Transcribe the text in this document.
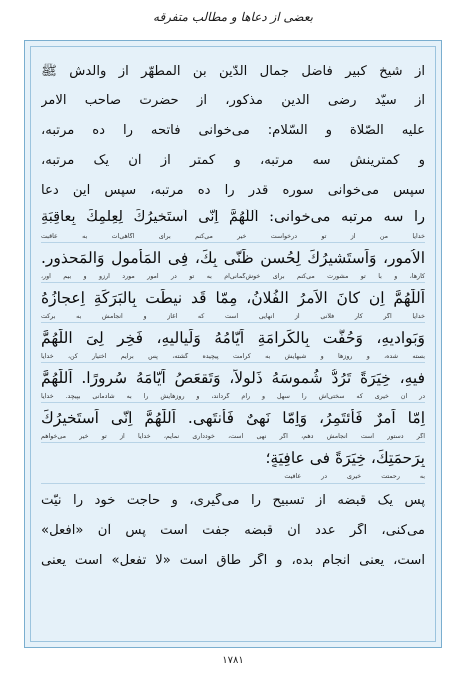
بعضی از دعاها و مطالب متفرقه
از شیخ کبیر فاضل جمال الدّین بن المطهّر از والدش ﷺ
از سیّد رضی الدین مذکور، از حضرت صاحب الامر
علیه الصّلاة و السّلام: می‌خوانی فاتحه را ده مرتبه،
و کمترینش سه مرتبه، و کمتر از آن یک مرتبه،
سپس می‌خوانی سوره قدر را ده مرتبه، سپس این دعا
را سه مرتبه می‌خوانی: اَللّٰهُمَّ اِنّى اَستَخيرُكَ لِعِلمِكَ بِعاقِبَةِ
خدایا من از تو درخواست خیر می‌کنم برای آگاهی‌ات به عاقبت
الاُمورِ، وَاَستَشيرُكَ لِحُسنِ ظَنّى بِكَ، فِى المَأمولِ وَالمَحذورِ.
کارها، و با تو مشورت می‌کنم برای خوش‌گمانی‌ام به تو در امور مورد آرزو و بیم آور،
اَللّٰهُمَّ اِن كانَ الاَمرُ الفُلانُ، مِمّا قَد نيطَت بِالبَرَكَةِ اِعجازُهُ
خدایا اگر کار فلانی از آنهایی است که آغاز و انجامش به برکت
وَبَواديهِ، وَحُفَّت بِالكَرامَةِ اَيّامُهُ وَلَياليهِ، فَخِر لِىَ اللّٰهُمَّ
بسته شده، و روزها و شبهایش به کرامت پیچیده گشته، پس برایم اختیار کن، خدایا
فيهِ، خِيَرَةً تَرُدُّ شُموسَهُ ذَلولاً، وَتَقعَصُ اَيّامَهُ سُرورًا. اَللّٰهُمَّ
در آن خیری که سختی‌اش را سهل و رام گرداند، و روزهایش را به شادمانی بپیچد. خدایا
اِمّا اَمرٌ فَأَئتَمِرُ، وَاِمّا نَهىٌ فَأَنتَهى. اَللّٰهُمَّ اِنّى اَستَخيرُكَ
اگر دستور است انجامش دهم، اگر نهی است، خودداری نمایم، خدایا از تو خیر می‌خواهم
بِرَحمَتِكَ، خِيَرَةً فى عافِيَةٍ؛
به رحمتت خیری در عافیت
پس یک قبضه از تسبیح را می‌گیری، و حاجت خود را نیّت
می‌کنی، اگر عدد آن قبضه جفت است پس آن «افعل»
است، یعنی انجام بده، و اگر طاق است «لا تفعل» است یعنی
۱۷۸۱
